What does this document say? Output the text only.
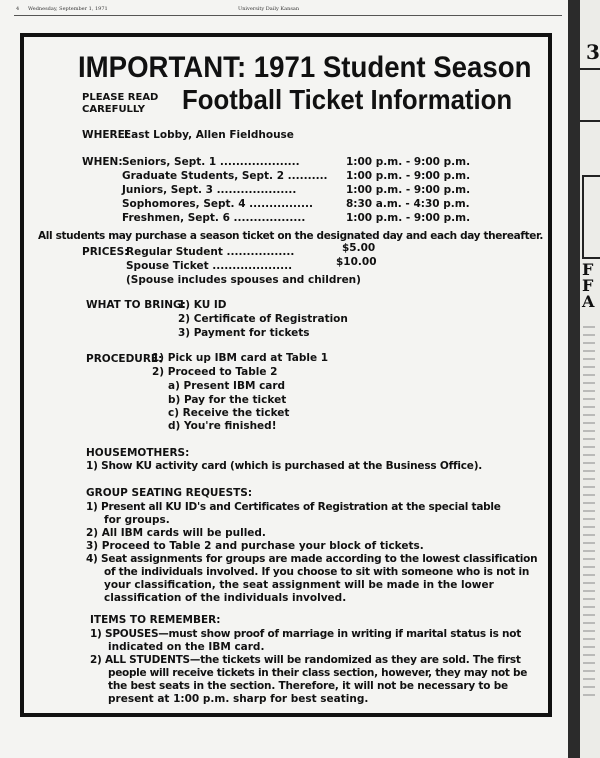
4 Wednesday, September 1, 1971	University Daily Kansan
IMPORTANT: 1971 Student Season
PLEASE READ
CAREFULLY Football Ticket Information
WHERE:
East Lobby, Allen Fieldhouse
WHEN: Seniors, Sept. 1 ....................	1:00 p.m. - 9:00 p.m.
Graduate Students, Sept. 2 .......... 1:00 p.m. - 9:00 p.m.
Juniors, Sept. 3 ....................	1:00 p.m. - 9:00 p.m.
Sophomores, Sept. 4 ................	8:30 a.m. - 4:30 p.m.
Freshmen, Sept. 6 ..................	1:00 p.m. - 9:00 p.m.
All students may purchase a season ticket on the designated day and each day thereafter.
PRICES:
Regular Student .................	$5.00
Spouse Ticket ....................	$10.00
(Spouse includes spouses and children)
WHAT TO BRING:
1) KU ID
2) Certificate of Registration
3) Payment for tickets
PROCEDURE:
1) Pick up IBM card at Table 1
2) Proceed to Table 2
a) Present IBM card
b) Pay for the ticket
c) Receive the ticket
d) You're finished!
HOUSEMOTHERS:
1) Show KU activity card (which is purchased at the Business Office).
GROUP SEATING REQUESTS:
1) Present all KU ID's and Certificates of Registration at the special table
for groups.
2) All IBM cards will be pulled.
3) Proceed to Table 2 and purchase your block of tickets.
4) Seat assignments for groups are made according to the lowest classification
of the individuals involved. If you choose to sit with someone who is not in
your classification, the seat assignment will be made in the lower
classification of the individuals involved.
ITEMS TO REMEMBER:
1) SPOUSES—must show proof of marriage in writing if marital status is not
indicated on the IBM card.
2) ALL STUDENTS—the tickets will be randomized as they are sold. The first
people will receive tickets in their class section, however, they may not be
the best seats in the section. Therefore, it will not be necessary to be
present at 1:00 p.m. sharp for best seating.
3
F
F
A
